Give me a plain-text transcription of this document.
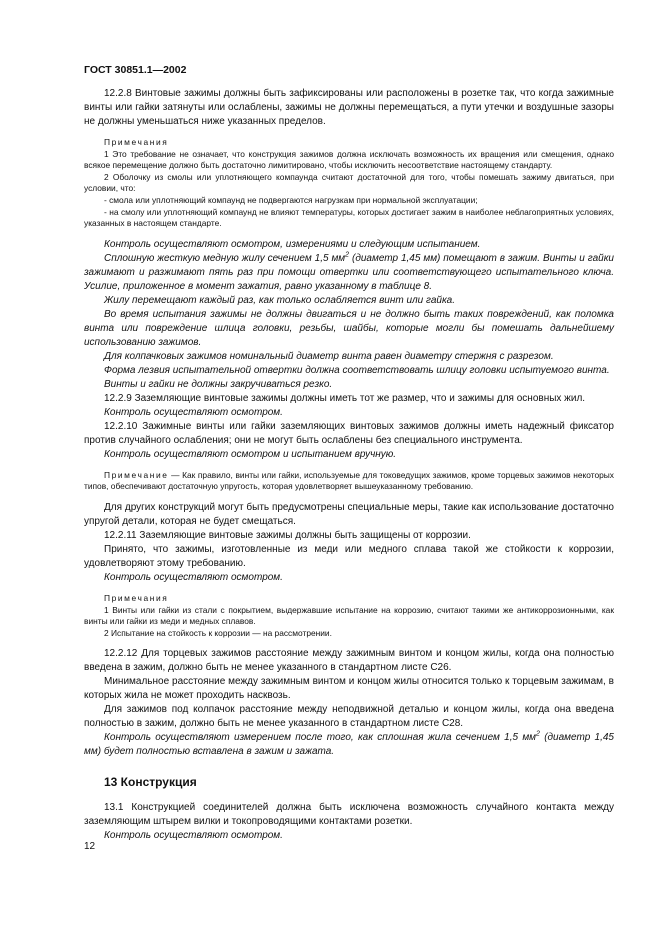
ГОСТ 30851.1—2002

12.2.8 Винтовые зажимы должны быть зафиксированы или расположены в розетке так, что когда зажимные винты или гайки затянуты или ослаблены, зажимы не должны перемещаться, а пути утечки и воздушные зазоры не должны уменьшаться ниже указанных пределов.

Примечания

1 Это требование не означает, что конструкция зажимов должна исключать возможность их вращения или смещения, однако всякое перемещение должно быть достаточно лимитировано, чтобы исключить несоответствие настоящему стандарту.

2 Оболочку из смолы или уплотняющего компаунда считают достаточной для того, чтобы помешать зажиму двигаться, при условии, что:

- смола или уплотняющий компаунд не подвергаются нагрузкам при нормальной эксплуатации;

- на смолу или уплотняющий компаунд не влияют температуры, которых достигает зажим в наиболее неблагоприятных условиях, указанных в настоящем стандарте.

Контроль осуществляют осмотром, измерениями и следующим испытанием.

Сплошную жесткую медную жилу сечением 1,5 $мм^2$ (диаметр 1,45 мм) помещают в зажим. Винты и гайки зажимают и разжимают пять раз при помощи отвертки или соответствующего испытательного ключа. Усилие, приложенное в момент зажатия, равно указанному в таблице 8.

Жилу перемещают каждый раз, как только ослабляется винт или гайка.

Во время испытания зажимы не должны двигаться и не должно быть таких повреждений, как поломка винта или повреждение шлица головки, резьбы, шайбы, которые могли бы помешать дальнейшему использованию зажимов.

Для колпачковых зажимов номинальный диаметр винта равен диаметру стержня с разрезом.

Форма лезвия испытательной отвертки должна соответствовать шлицу головки испытуемого винта.

Винты и гайки не должны закручиваться резко.

12.2.9 Заземляющие винтовые зажимы должны иметь тот же размер, что и зажимы для основных жил.

Контроль осуществляют осмотром.

12.2.10 Зажимные винты или гайки заземляющих винтовых зажимов должны иметь надежный фиксатор против случайного ослабления; они не могут быть ослаблены без специального инструмента.

Контроль осуществляют осмотром и испытанием вручную.

Примечание — Как правило, винты или гайки, используемые для токоведущих зажимов, кроме торцевых зажимов некоторых типов, обеспечивают достаточную упругость, которая удовлетворяет вышеуказанному требованию.

Для других конструкций могут быть предусмотрены специальные меры, такие как использование достаточно упругой детали, которая не будет смещаться.

12.2.11 Заземляющие винтовые зажимы должны быть защищены от коррозии.

Принято, что зажимы, изготовленные из меди или медного сплава такой же стойкости к коррозии, удовлетворяют этому требованию.

Контроль осуществляют осмотром.

Примечания

1 Винты или гайки из стали с покрытием, выдержавшие испытание на коррозию, считают такими же антикоррозионными, как винты или гайки из меди и медных сплавов.

2 Испытание на стойкость к коррозии — на рассмотрении.

12.2.12 Для торцевых зажимов расстояние между зажимным винтом и концом жилы, когда она полностью введена в зажим, должно быть не менее указанного в стандартном листе С26.

Минимальное расстояние между зажимным винтом и концом жилы относится только к торцевым зажимам, в которых жила не может проходить насквозь.

Для зажимов под колпачок расстояние между неподвижной деталью и концом жилы, когда она введена полностью в зажим, должно быть не менее указанного в стандартном листе С28.

Контроль осуществляют измерением после того, как сплошная жила сечением 1,5 $мм^2$ (диаметр 1,45 мм) будет полностью вставлена в зажим и зажата.

13 Конструкция

13.1 Конструкцией соединителей должна быть исключена возможность случайного контакта между заземляющим штырем вилки и токопроводящими контактами розетки.

Контроль осуществляют осмотром.

12
